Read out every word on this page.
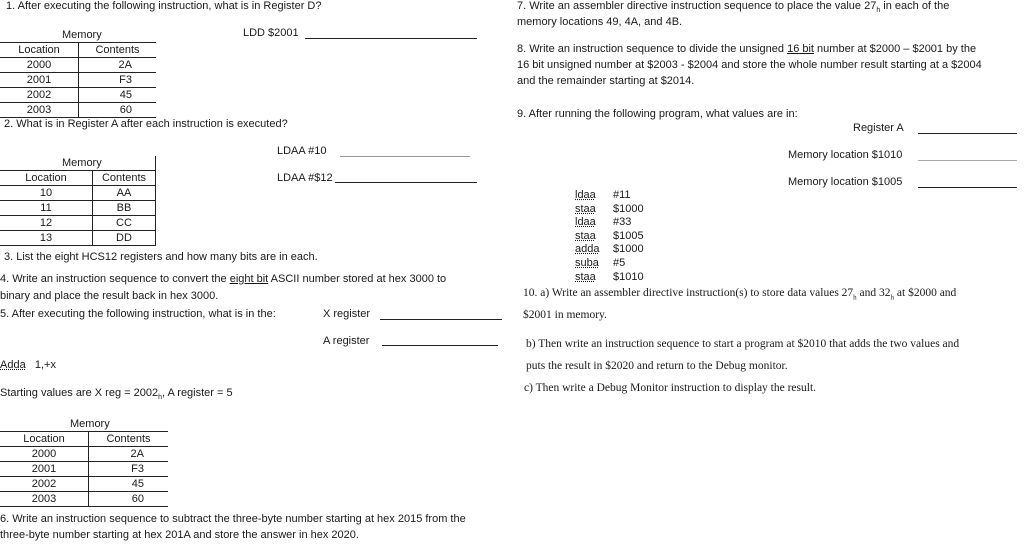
1. After executing the following instruction, what is in Register D?
LDD $2001
Memory	
Location	Contents
2000	2A
2001	F3
2002	45
2003	60
2. What is in Register A after each instruction is executed?
LDAA #10
LDAA #$12
Memory	
Location	Contents
10	AA
11	BB
12	CC
13	DD
3. List the eight HCS12 registers and how many bits are in each.
4. Write an instruction sequence to convert the eight bit ASCII number stored at hex 3000 to
binary and place the result back in hex 3000.
5. After executing the following instruction, what is in the:	X register
A register
Adda 1,+x
Starting values are X reg = $2002_h$, A register = 5
Memory	
Location	Contents
2000	2A
2001	F3
2002	45
2003	60
6. Write an instruction sequence to subtract the three-byte number starting at hex 2015 from the
three-byte number starting at hex 201A and store the answer in hex 2020.
7. Write an assembler directive instruction sequence to place the value $27_h$ in each of the
memory locations 49, 4A, and 4B.
8. Write an instruction sequence to divide the unsigned 16 bit number at $2000 – $2001 by the
16 bit unsigned number at $2003 - $2004 and store the whole number result starting at a $2004
and the remainder starting at $2014.
9. After running the following program, what values are in:
Register A
Memory location $1010
Memory location $1005
ldaa #11
staa $1000
ldaa #33
staa $1005
adda $1000
suba #5
staa $1010
10. a) Write an assembler directive instruction(s) to store data values $27_h$ and $32_h$ at $2000 and
$2001 in memory.
b) Then write an instruction sequence to start a program at $2010 that adds the two values and
puts the result in $2020 and return to the Debug monitor.
c) Then write a Debug Monitor instruction to display the result.
